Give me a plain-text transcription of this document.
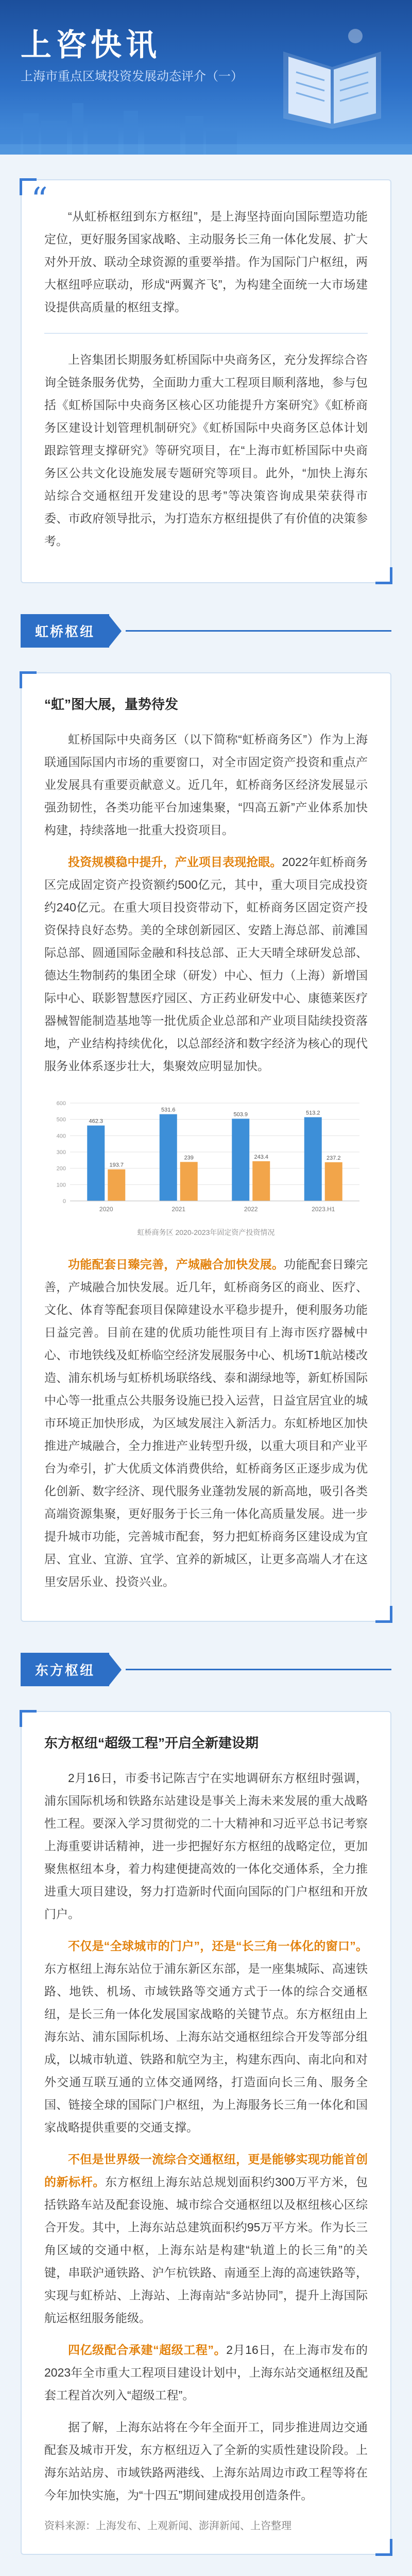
上咨快讯
上海市重点区域投资发展动态评介（一）
“	“从虹桥枢纽到东方枢纽”，是上海坚持面向国际塑造功能定位，更好服务国家战略、主动服务长三角一体化发展、扩大对外开放、联动全球资源的重要举措。作为国际门户枢纽，两大枢纽呼应联动，形成“两翼齐飞”，为构建全面统一大市场建设提供高质量的枢纽支撑。

上咨集团长期服务虹桥国际中央商务区，充分发挥综合咨询全链条服务优势，全面助力重大工程项目顺利落地，参与包括《虹桥国际中央商务区核心区功能提升方案研究》《虹桥商务区建设计划管理机制研究》《虹桥国际中央商务区总体计划跟踪管理支撑研究》等研究项目，在“上海市虹桥国际中央商务区公共文化设施发展专题研究等项目。此外，“加快上海东站综合交通枢纽开发建设的思考”等决策咨询成果荣获得市委、市政府领导批示，为打造东方枢纽提供了有价值的决策参考。

虹桥枢纽
“虹”图大展，量势待发

虹桥国际中央商务区（以下简称“虹桥商务区”）作为上海联通国际国内市场的重要窗口，对全市固定资产投资和重点产业发展具有重要贡献意义。近几年，虹桥商务区经济发展显示强劲韧性，各类功能平台加速集聚，“四高五新”产业体系加快构建，持续落地一批重大投资项目。

投资规模稳中提升，产业项目表现抢眼。2022年虹桥商务区完成固定资产投资额约500亿元，其中，重大项目完成投资约240亿元。在重大项目投资带动下，虹桥商务区固定资产投资保持良好态势。美的全球创新园区、安踏上海总部、前滩国际总部、圆通国际金融和科技总部、正大天晴全球研发总部、德达生物制药的集团全球（研发）中心、恒力（上海）新增国际中心、联影智慧医疗园区、方正药业研发中心、康德莱医疗器械智能制造基地等一批优质企业总部和产业项目陆续投资落地，产业结构持续优化，以总部经济和数字经济为核心的现代服务业体系逐步壮大，集聚效应明显加快。

0
100
200
300
400
500
600
462.3
193.7
2020
531.6
239
2021
503.9
243.4
2022
513.2
237.2
2023.H1
虹桥商务区 2020-2023年固定资产投资情况

功能配套日臻完善，产城融合加快发展。功能配套日臻完善，产城融合加快发展。近几年，虹桥商务区的商业、医疗、文化、体育等配套项目保障建设水平稳步提升，便利服务功能日益完善。目前在建的优质功能性项目有上海市医疗器械中心、市地铁线及虹桥临空经济发展服务中心、机场T1航站楼改造、浦东机场与虹桥机场联络线、泰和湖绿地等，新虹桥国际中心等一批重点公共服务设施已投入运营，日益宜居宜业的城市环境正加快形成，为区域发展注入新活力。东虹桥地区加快推进产城融合，全力推进产业转型升级，以重大项目和产业平台为牵引，扩大优质文体消费供给，虹桥商务区正逐步成为优化创新、数字经济、现代服务业蓬勃发展的新高地，吸引各类高端资源集聚，更好服务于长三角一体化高质量发展。进一步提升城市功能，完善城市配套，努力把虹桥商务区建设成为宜居、宜业、宜游、宜学、宜养的新城区，让更多高端人才在这里安居乐业、投资兴业。

东方枢纽
东方枢纽“超级工程”开启全新建设期

2月16日，市委书记陈吉宁在实地调研东方枢纽时强调，浦东国际机场和铁路东站建设是事关上海未来发展的重大战略性工程。要深入学习贯彻党的二十大精神和习近平总书记考察上海重要讲话精神，进一步把握好东方枢纽的战略定位，更加聚焦枢纽本身，着力构建便捷高效的一体化交通体系，全力推进重大项目建设，努力打造新时代面向国际的门户枢纽和开放门户。

不仅是“全球城市的门户”，还是“长三角一体化的窗口”。东方枢纽上海东站位于浦东新区东部，是一座集城际、高速铁路、地铁、机场、市域铁路等交通方式于一体的综合交通枢纽，是长三角一体化发展国家战略的关键节点。东方枢纽由上海东站、浦东国际机场、上海东站交通枢纽综合开发等部分组成，以城市轨道、铁路和航空为主，构建东西向、南北向和对外交通互联互通的立体交通网络，打造面向长三角、服务全国、链接全球的国际门户枢纽，为上海服务长三角一体化和国家战略提供重要的交通支撑。

不但是世界级一流综合交通枢纽，更是能够实现功能首创的新标杆。东方枢纽上海东站总规划面积约300万平方米，包括铁路车站及配套设施、城市综合交通枢纽以及枢纽核心区综合开发。其中，上海东站总建筑面积约95万平方米。作为长三角区域的交通中枢，上海东站是构建“轨道上的长三角”的关键，串联沪通铁路、沪乍杭铁路、南通至上海的高速铁路等，实现与虹桥站、上海站、上海南站“多站协同”，提升上海国际航运枢纽服务能级。

四亿级配合承建“超级工程”。2月16日，在上海市发布的2023年全市重大工程项目建设计划中，上海东站交通枢纽及配套工程首次列入“超级工程”。

据了解，上海东站将在今年全面开工，同步推进周边交通配套及城市开发，东方枢纽迈入了全新的实质性建设阶段。上海东站站房、市域铁路两港线、上海东站周边市政工程等将在今年加快实施，为“十四五”期间建成投用创造条件。

资料来源：上海发布、上观新闻、澎湃新闻、上咨整理
